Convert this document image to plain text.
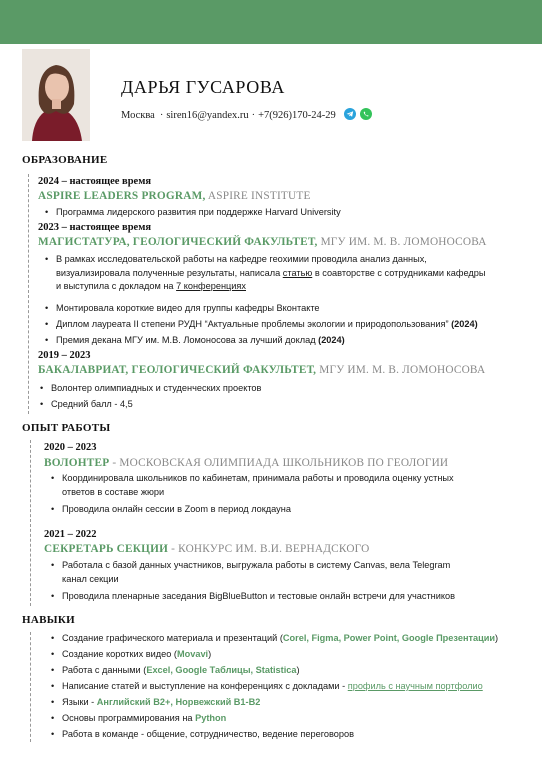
ДАРЬЯ ГУСАРОВА
Москва · siren16@yandex.ru · +7(926)170-24-29
ОБРАЗОВАНИЕ
2024 – настоящее время
ASPIRE LEADERS PROGRAM, ASPIRE INSTITUTE
• Программа лидерского развития при поддержке Harvard University
2023 – настоящее время
МАГИСТАТУРА, ГЕОЛОГИЧЕСКИЙ ФАКУЛЬТЕТ, МГУ ИМ. М. В. ЛОМОНОСОВА
• В рамках исследовательской работы на кафедре геохимии проводила анализ данных,
визуализировала полученные результаты, написала статью в соавторстве с сотрудниками кафедры
и выступила с докладом на 7 конференциях
• Монтировала короткие видео для группы кафедры Вконтакте
• Диплом лауреата II степени РУДН “Актуальные проблемы экологии и природопользования” (2024)
• Премия декана МГУ им. М.В. Ломоносова за лучший доклад (2024)
2019 – 2023
БАКАЛАВРИАТ, ГЕОЛОГИЧЕСКИЙ ФАКУЛЬТЕТ, МГУ ИМ. М. В. ЛОМОНОСОВА
• Волонтер олимпиадных и студенческих проектов
• Средний балл - 4,5
ОПЫТ РАБОТЫ
2020 – 2023
ВОЛОНТЕР - МОСКОВСКАЯ ОЛИМПИАДА ШКОЛЬНИКОВ ПО ГЕОЛОГИИ
• Координировала школьников по кабинетам, принимала работы и проводила оценку устных
ответов в составе жюри
• Проводила онлайн сессии в Zoom в период локдауна
2021 – 2022
СЕКРЕТАРЬ СЕКЦИИ - КОНКУРС ИМ. В.И. ВЕРНАДСКОГО
• Работала с базой данных участников, выгружала работы в систему Canvas, вела Telegram
канал секции
• Проводила пленарные заседания BigBlueButton и тестовые онлайн встречи для участников
НАВЫКИ
• Создание графического материала и презентаций (Corel, Figma, Power Point, Google Презентации)
• Создание коротких видео (Movavi)
• Работа с данными (Excel, Google Таблицы, Statistica)
• Написание статей и выступление на конференциях с докладами - профиль с научным портфолио
• Языки - Английский B2+, Норвежский B1-B2
• Основы программирования на Python
• Работа в команде - общение, сотрудничество, ведение переговоров
